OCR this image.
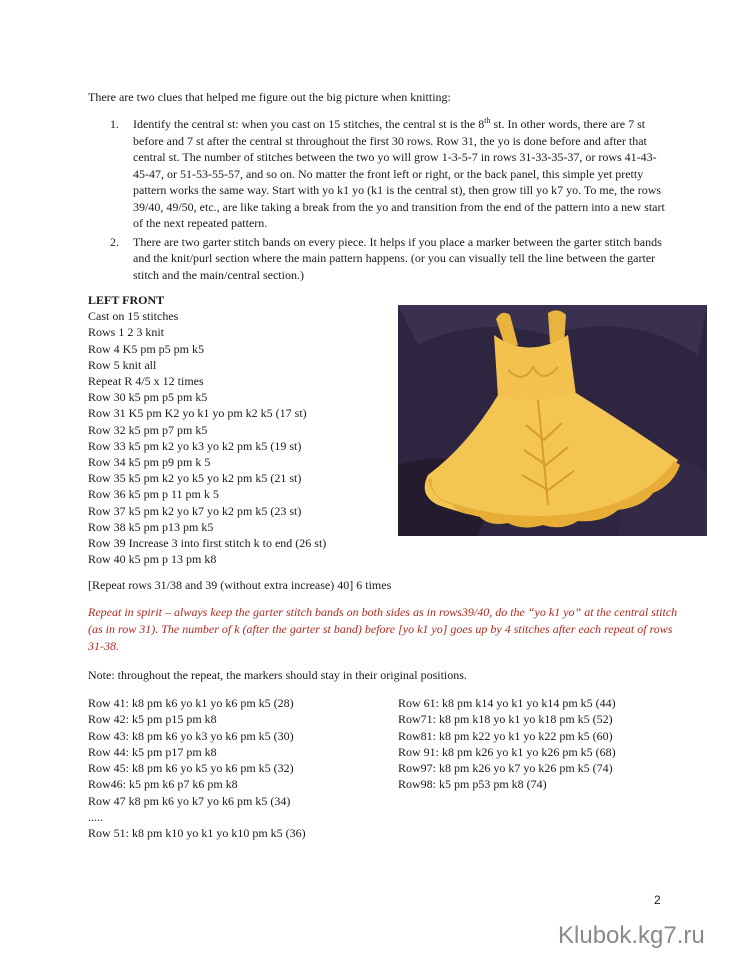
There are two clues that helped me figure out the big picture when knitting:
1. Identify the central st: when you cast on 15 stitches, the central st is the 8th st. In other words, there are 7 st before and 7 st after the central st throughout the first 30 rows. Row 31, the yo is done before and after that central st. The number of stitches between the two yo will grow 1-3-5-7 in rows 31-33-35-37, or rows 41-43-45-47, or 51-53-55-57, and so on. No matter the front left or right, or the back panel, this simple yet pretty pattern works the same way. Start with yo k1 yo (k1 is the central st), then grow till yo k7 yo. To me, the rows 39/40, 49/50, etc., are like taking a break from the yo and transition from the end of the pattern into a new start of the next repeated pattern.
2. There are two garter stitch bands on every piece. It helps if you place a marker between the garter stitch bands and the knit/purl section where the main pattern happens. (or you can visually tell the line between the garter stitch and the main/central section.)
LEFT FRONT
Cast on 15 stitches
Rows 1 2 3 knit
Row 4 K5 pm p5 pm k5
Row 5 knit all
Repeat R 4/5 x 12 times
Row 30 k5 pm p5 pm k5
Row 31 K5 pm K2 yo k1 yo pm k2 k5 (17 st)
Row 32 k5 pm p7 pm k5
Row 33 k5 pm k2 yo k3 yo k2 pm k5 (19 st)
Row 34 k5 pm p9 pm k 5
Row 35 k5 pm k2 yo k5 yo k2 pm k5 (21 st)
Row 36 k5 pm p 11 pm k 5
Row 37 k5 pm k2 yo k7 yo k2 pm k5 (23 st)
Row 38 k5 pm p13 pm k5
Row 39 Increase 3 into first stitch k to end (26 st)
Row 40 k5 pm p 13 pm k8
[Repeat rows 31/38 and 39 (without extra increase) 40] 6 times
Repeat in spirit – always keep the garter stitch bands on both sides as in rows39/40, do the “yo k1 yo” at the central stitch (as in row 31). The number of k (after the garter st band) before [yo k1 yo] goes up by 4 stitches after each repeat of rows 31-38.
Note: throughout the repeat, the markers should stay in their original positions.
Row 41: k8 pm k6 yo k1 yo k6 pm k5 (28)
Row 42: k5 pm p15 pm k8
Row 43: k8 pm k6 yo k3 yo k6 pm k5 (30)
Row 44: k5 pm p17 pm k8
Row 45: k8 pm k6 yo k5 yo k6 pm k5 (32)
Row46: k5 pm k6 p7 k6 pm k8
Row 47 k8 pm k6 yo k7 yo k6 pm k5 (34)
.....
Row 51: k8 pm k10 yo k1 yo k10 pm k5 (36)
Row 61: k8 pm k14 yo k1 yo k14 pm k5 (44)
Row71: k8 pm k18 yo k1 yo k18 pm k5 (52)
Row81: k8 pm k22 yo k1 yo k22 pm k5 (60)
Row 91: k8 pm k26 yo k1 yo k26 pm k5 (68)
Row97: k8 pm k26 yo k7 yo k26 pm k5 (74)
Row98: k5 pm p53 pm k8 (74)
2
Klubok.kg7.ru
